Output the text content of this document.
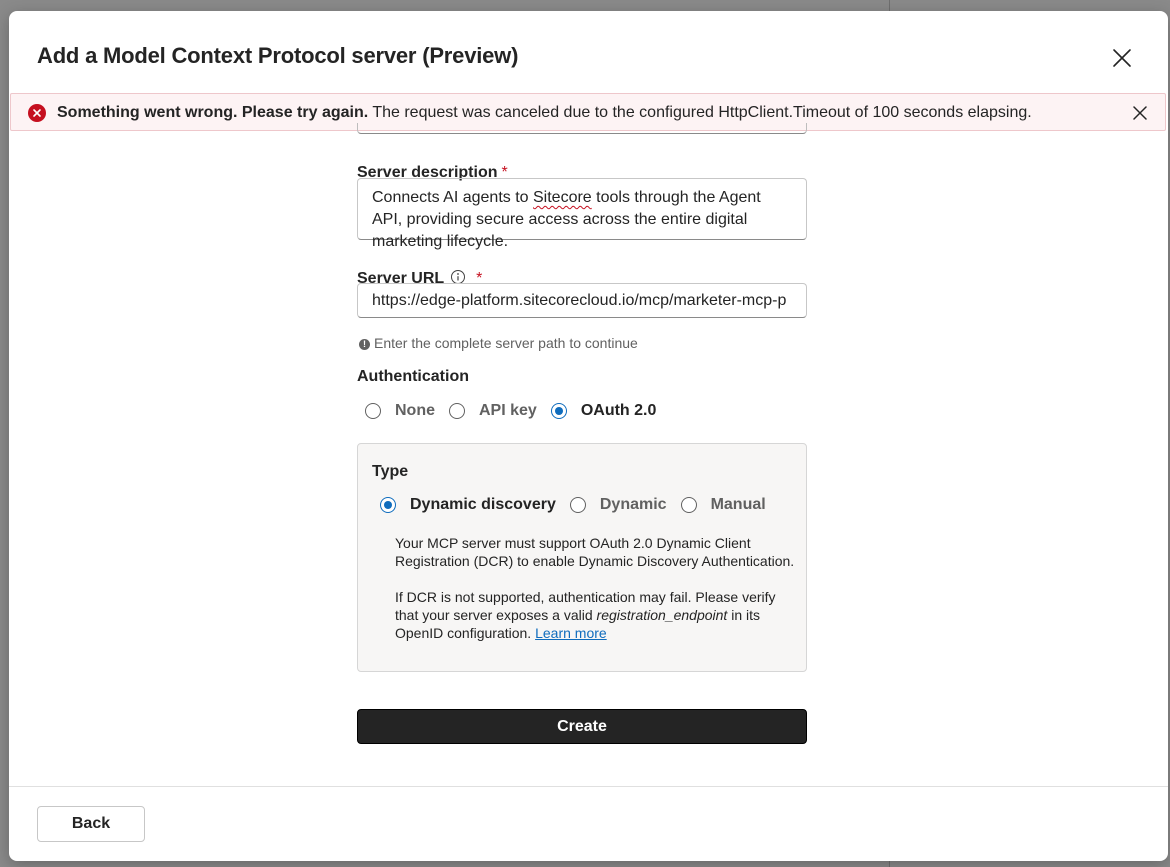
Add a Model Context Protocol server (Preview)
Something went wrong. Please try again. The request was canceled due to the configured HttpClient.Timeout of 100 seconds elapsing.
Server description *
Connects AI agents to Sitecore tools through the Agent API, providing secure access across the entire digital marketing lifecycle.
Server URL *
https://edge-platform.sitecorecloud.io/mcp/marketer-mcp-p
! Enter the complete server path to continue
Authentication
None	API key	OAuth 2.0
Type
Dynamic discovery	Dynamic	Manual
Your MCP server must support OAuth 2.0 Dynamic Client Registration (DCR) to enable Dynamic Discovery Authentication.
If DCR is not supported, authentication may fail. Please verify that your server exposes a valid registration_endpoint in its OpenID configuration. Learn more
Create
Back
